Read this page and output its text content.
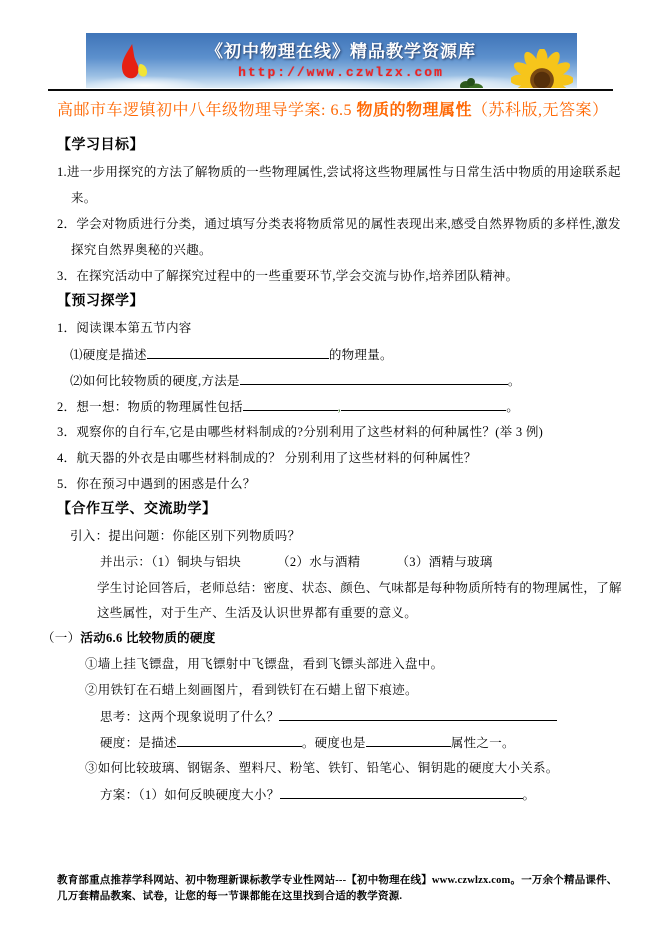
《初中物理在线》精品教学资源库
http://www.czwlzx.com
高邮市车逻镇初中八年级物理导学案: 6.5 物质的物理属性（苏科版,无答案）

【学习目标】

1.进一步用探究的方法了解物质的一些物理属性,尝试将这些物理属性与日常生活中物质的用途联系起

来。

2．学会对物质进行分类，通过填写分类表将物质常见的属性表现出来,感受自然界物质的多样性,激发

探究自然界奥秘的兴趣。

3．在探究活动中了解探究过程中的一些重要环节,学会交流与协作,培养团队精神。

【预习探学】

1．阅读课本第五节内容

⑴硬度是描述	的物理量。

⑵如何比较物质的硬度,方法是	。

2．想一想：物质的物理属性包括	,	。

3．观察你的自行车,它是由哪些材料制成的?分别利用了这些材料的何种属性？(举 3 例)

4．航天器的外衣是由哪些材料制成的？ 分别利用了这些材料的何种属性？

5．你在预习中遇到的困惑是什么？

【合作互学、交流助学】

引入：提出问题：你能区别下列物质吗？

并出示：（1）铜块与铝块	（2）水与酒精	（3）酒精与玻璃

学生讨论回答后，老师总结：密度、状态、颜色、气味都是每种物质所特有的物理属性，了解

这些属性，对于生产、生活及认识世界都有重要的意义。

（一）活动6.6 比较物质的硬度

①墙上挂飞镖盘，用飞镖射中飞镖盘，看到飞镖头部进入盘中。

②用铁钉在石蜡上刻画图片，看到铁钉在石蜡上留下痕迹。

思考：这两个现象说明了什么？

硬度：是描述	。硬度也是	属性之一。

③如何比较玻璃、钢锯条、塑料尺、粉笔、铁钉、铅笔心、铜钥匙的硬度大小关系。

方案：（1）如何反映硬度大小？	。

教育部重点推荐学科网站、初中物理新课标教学专业性网站---【初中物理在线】www.czwlzx.com。一万余个精品课件、

几万套精品教案、试卷，让您的每一节课都能在这里找到合适的教学资源.
